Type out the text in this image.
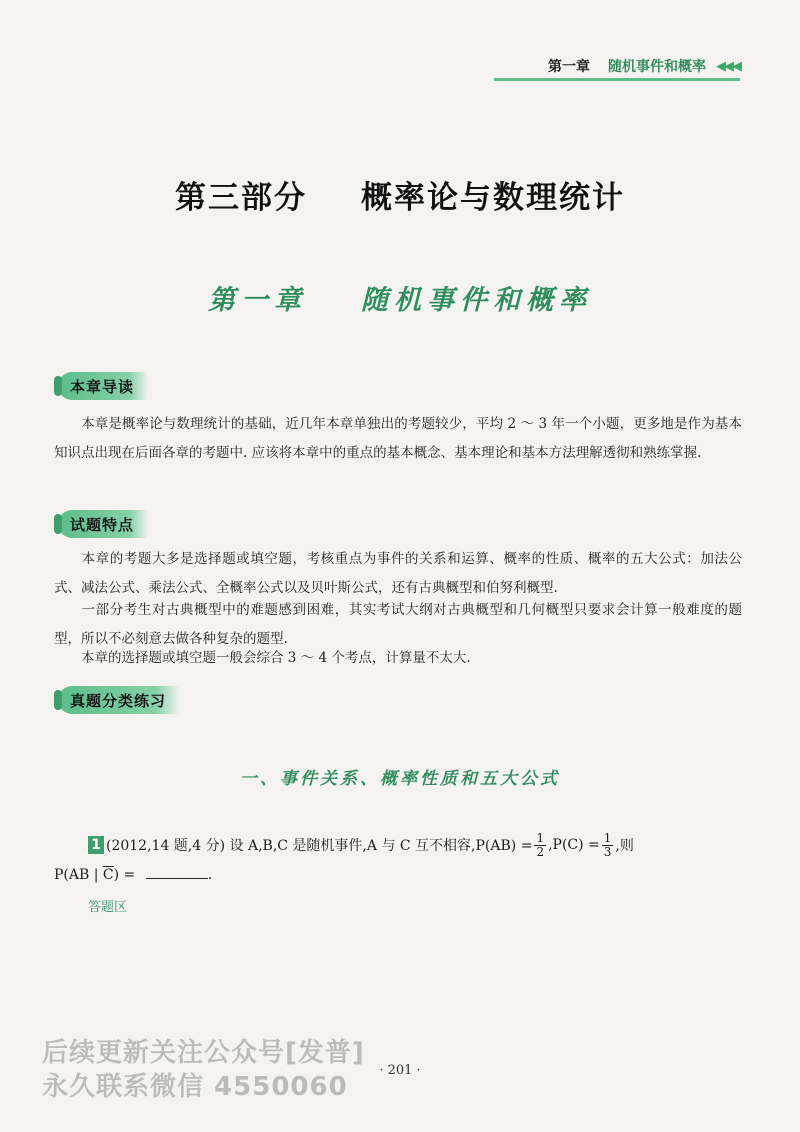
第一章 随机事件和概率 ◀◀◀
第三部分 概率论与数理统计
第一章 随机事件和概率
本章导读
本章是概率论与数理统计的基础，近几年本章单独出的考题较少，平均 2 ～ 3 年一个小题，更多地是作为基本知识点出现在后面各章的考题中. 应该将本章中的重点的基本概念、基本理论和基本方法理解透彻和熟练掌握.
试题特点
本章的考题大多是选择题或填空题，考核重点为事件的关系和运算、概率的性质、概率的五大公式：加法公式、减法公式、乘法公式、全概率公式以及贝叶斯公式，还有古典概型和伯努利概型.
一部分考生对古典概型中的难题感到困难，其实考试大纲对古典概型和几何概型只要求会计算一般难度的题型，所以不必刻意去做各种复杂的题型.
本章的选择题或填空题一般会综合 3 ～ 4 个考点，计算量不太大.
真题分类练习
一、事件关系、概率性质和五大公式
1 (2012,14 题,4 分) 设 A,B,C 是随机事件,A 与 C 互不相容$,P(AB) = \frac{1}{2} ,P(C) = \frac{1}{3}$ ,则
P(AB | $\overline{C}$) =	.
答题区
· 201 ·
后续更新关注公众号[发普]
永久联系微信 4550060
